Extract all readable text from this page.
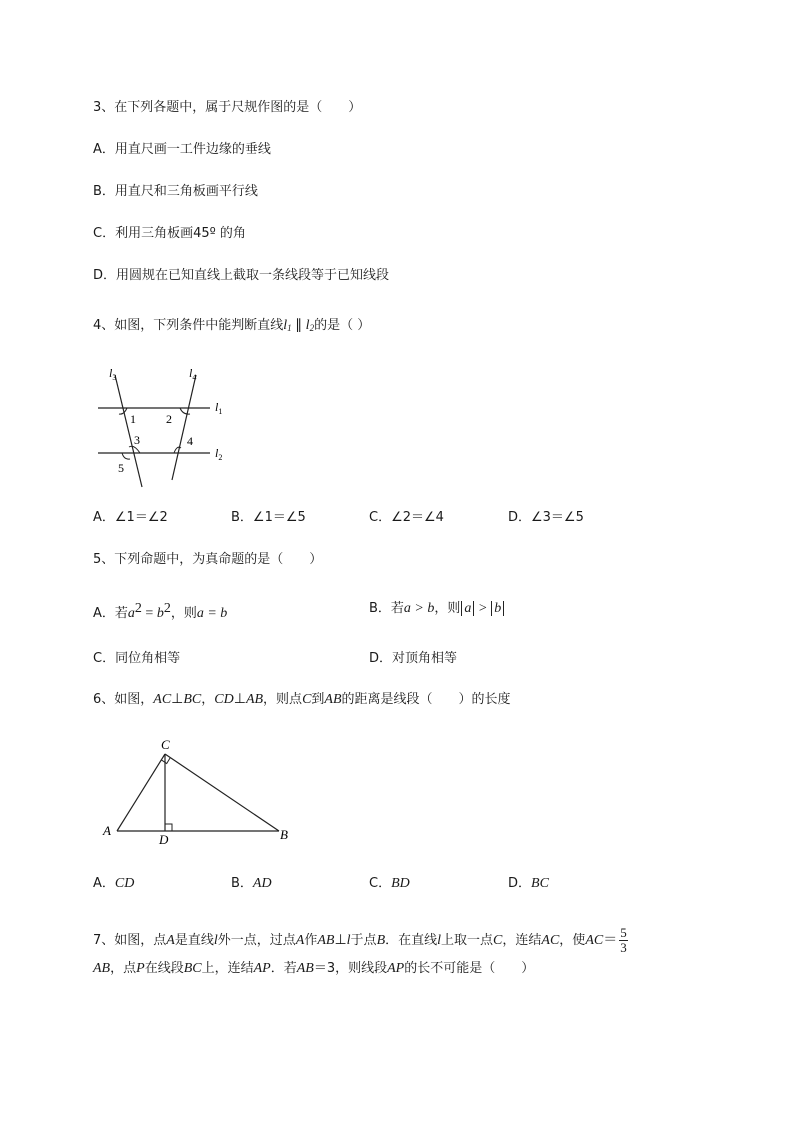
3、在下列各题中，属于尺规作图的是（　　）
A．用直尺画一工件边缘的垂线
B．用直尺和三角板画平行线
C．利用三角板画45º 的角
D．用圆规在已知直线上截取一条线段等于已知线段
4、如图，下列条件中能判断直线$l_1$ ∥ $l_2$的是（ ）
$l_3$	$l_4$
$l_1$
$l_2$
1	2
3	4
5
A．∠1＝∠2	B．∠1＝∠5	C．∠2＝∠4	D．∠3＝∠5
5、下列命题中，为真命题的是（　　）
A．若$a^2 = b^2$，则a = b	B．若a > b，则 a > b
C．同位角相等	D．对顶角相等
6、如图，AC⊥BC，CD⊥AB，则点C到AB的距离是线段（　　）的长度
C
A	B
D
A．CD	B．AD	C．BD	D．BC
7、如图，点A是直线l外一点，过点A作AB⊥l于点B．在直线l上取一点C，连结AC，使$AC= \frac{5}{3}$
AB，点P在线段BC上，连结AP．若AB＝3，则线段AP的长不可能是（　　）
